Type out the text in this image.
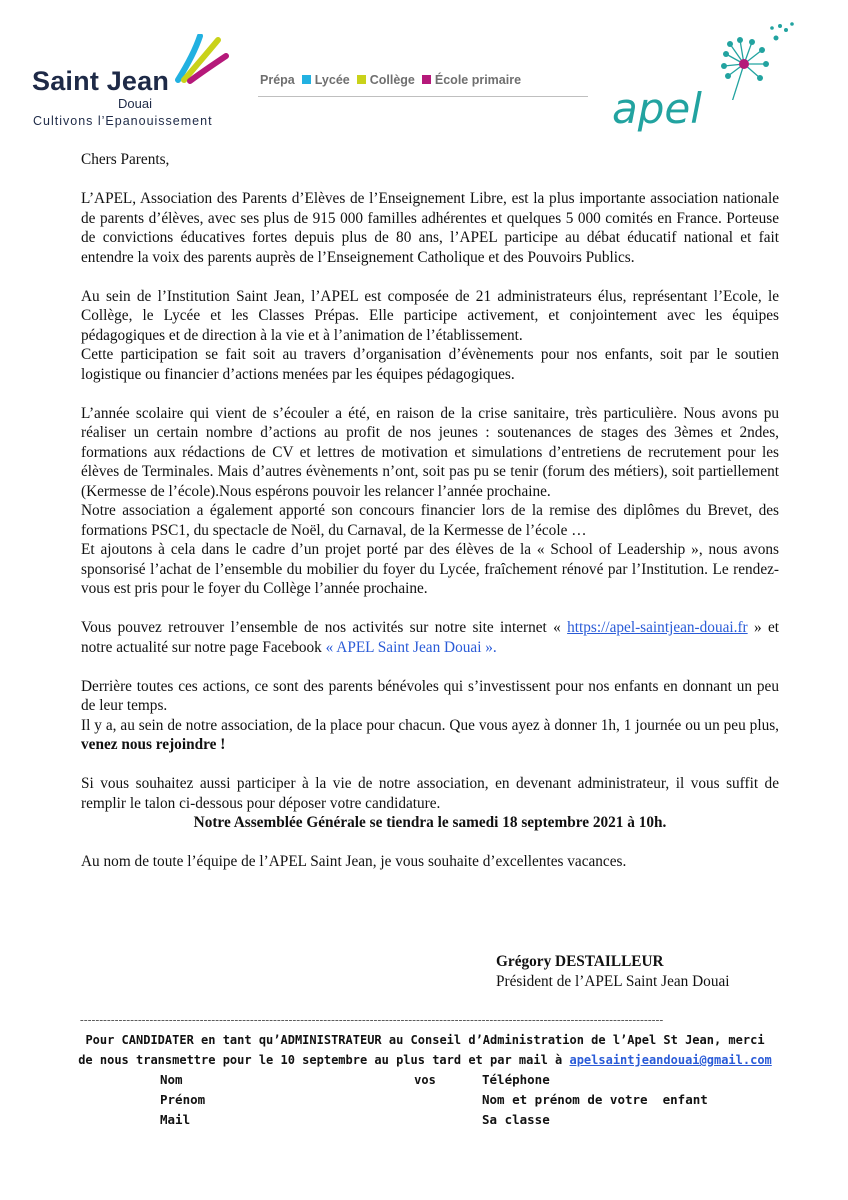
Saint Jean
Douai
Cultivons l’Epanouissement
Prépa Lycée Collège École primaire
apel

Chers Parents,

L’APEL, Association des Parents d’Elèves de l’Enseignement Libre, est la plus importante association nationale de parents d’élèves, avec ses plus de 915 000 familles adhérentes et quelques 5 000 comités en France. Porteuse de convictions éducatives fortes depuis plus de 80 ans, l’APEL participe au débat éducatif national et fait entendre la voix des parents auprès de l’Enseignement Catholique et des Pouvoirs Publics.

Au sein de l’Institution Saint Jean, l’APEL est composée de 21 administrateurs élus, représentant l’Ecole, le Collège, le Lycée et les Classes Prépas. Elle participe activement, et conjointement avec les équipes pédagogiques et de direction à la vie et à l’animation de l’établissement.

Cette participation se fait soit au travers d’organisation d’évènements pour nos enfants, soit par le soutien logistique ou financier d’actions menées par les équipes pédagogiques.

L’année scolaire qui vient de s’écouler a été, en raison de la crise sanitaire, très particulière. Nous avons pu réaliser un certain nombre d’actions au profit de nos jeunes : soutenances de stages des 3èmes et 2ndes, formations aux rédactions de CV et lettres de motivation et simulations d’entretiens de recrutement pour les élèves de Terminales. Mais d’autres évènements n’ont, soit pas pu se tenir (forum des métiers), soit partiellement (Kermesse de l’école).Nous espérons pouvoir les relancer l’année prochaine.

Notre association a également apporté son concours financier lors de la remise des diplômes du Brevet, des formations PSC1, du spectacle de Noël, du Carnaval, de la Kermesse de l’école …

Et ajoutons à cela dans le cadre d’un projet porté par des élèves de la « School of Leadership », nous avons sponsorisé l’achat de l’ensemble du mobilier du foyer du Lycée, fraîchement rénové par l’Institution. Le rendez-vous est pris pour le foyer du Collège l’année prochaine.

Vous pouvez retrouver l’ensemble de nos activités sur notre site internet « https://apel-saintjean-douai.fr » et notre actualité sur notre page Facebook « APEL Saint Jean Douai ».

Derrière toutes ces actions, ce sont des parents bénévoles qui s’investissent pour nos enfants en donnant un peu de leur temps.

Il y a, au sein de notre association, de la place pour chacun. Que vous ayez à donner 1h, 1 journée ou un peu plus, venez nous rejoindre !

Si vous souhaitez aussi participer à la vie de notre association, en devenant administrateur, il vous suffit de remplir le talon ci-dessous pour déposer votre candidature.

Notre Assemblée Générale se tiendra le samedi 18 septembre 2021 à 10h.

Au nom de toute l’équipe de l’APEL Saint Jean, je vous souhaite d’excellentes vacances.

Grégory DESTAILLEUR
Président de l’APEL Saint Jean Douai
-------------------------------------------------------------------------------------------------------------------------------------------------------
Pour CANDIDATER en tant qu’ADMINISTRATEUR au Conseil d’Administration de l’Apel St Jean, merci
de nous transmettre pour le 10 septembre au plus tard et par mail à apelsaintjeandouai@gmail.com vos
Nom	Téléphone
Prénom	Nom et prénom de votre  enfant
Mail	Sa classe
